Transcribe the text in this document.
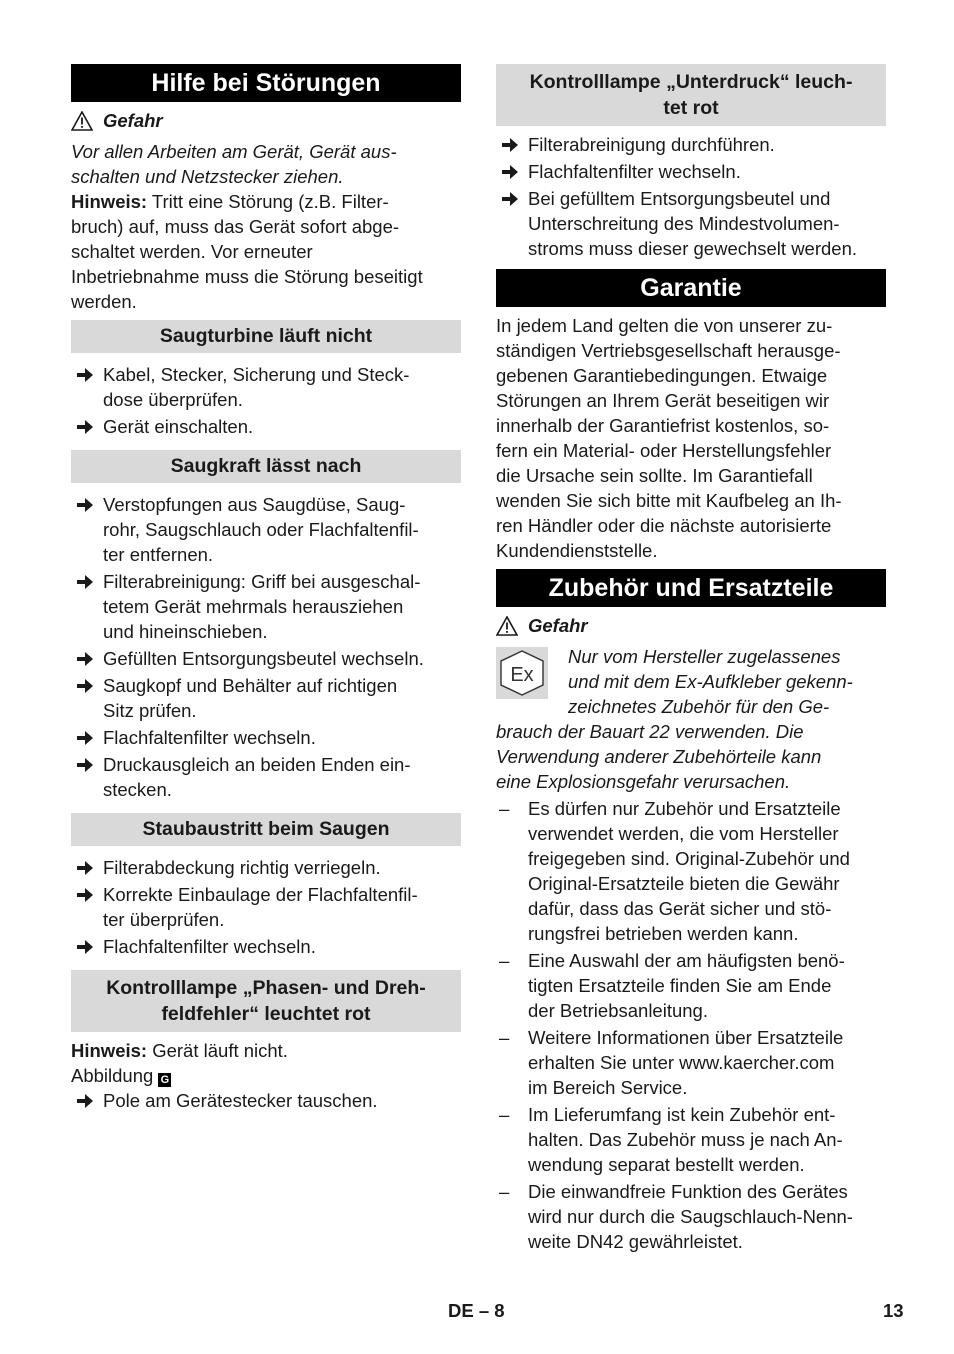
Hilfe bei Störungen
Gefahr

Vor allen Arbeiten am Gerät, Gerät aus-

schalten und Netzstecker ziehen.

Hinweis: Tritt eine Störung (z.B. Filter-

bruch) auf, muss das Gerät sofort abge-

schaltet werden. Vor erneuter

Inbetriebnahme muss die Störung beseitigt

werden.

Saugturbine läuft nicht
Kabel, Stecker, Sicherung und Steck-
dose überprüfen.
Gerät einschalten.
Saugkraft lässt nach
Verstopfungen aus Saugdüse, Saug-
rohr, Saugschlauch oder Flachfaltenfil-
ter entfernen.
Filterabreinigung: Griff bei ausgeschal-
tetem Gerät mehrmals herausziehen
und hineinschieben.
Gefüllten Entsorgungsbeutel wechseln.
Saugkopf und Behälter auf richtigen
Sitz prüfen.
Flachfaltenfilter wechseln.
Druckausgleich an beiden Enden ein-
stecken.
Staubaustritt beim Saugen
Filterabdeckung richtig verriegeln.
Korrekte Einbaulage der Flachfaltenfil-
ter überprüfen.
Flachfaltenfilter wechseln.
Kontrolllampe „Phasen- und Dreh-
feldfehler“ leuchtet rot

Hinweis: Gerät läuft nicht.

Abbildung G

Pole am Gerätestecker tauschen.
Kontrolllampe „Unterdruck“ leuch-
tet rot
Filterabreinigung durchführen.
Flachfaltenfilter wechseln.
Bei gefülltem Entsorgungsbeutel und
Unterschreitung des Mindestvolumen-
stroms muss dieser gewechselt werden.
Garantie

In jedem Land gelten die von unserer zu-

ständigen Vertriebsgesellschaft herausge-

gebenen Garantiebedingungen. Etwaige

Störungen an Ihrem Gerät beseitigen wir

innerhalb der Garantiefrist kostenlos, so-

fern ein Material- oder Herstellungsfehler

die Ursache sein sollte. Im Garantiefall

wenden Sie sich bitte mit Kaufbeleg an Ih-

ren Händler oder die nächste autorisierte

Kundendienststelle.

Zubehör und Ersatzteile
Gefahr
Ex
Nur vom Hersteller zugelassenes
und mit dem Ex-Aufkleber gekenn-
zeichnetes Zubehör für den Ge-
brauch der Bauart 22 verwenden. Die
Verwendung anderer Zubehörteile kann
eine Explosionsgefahr verursachen.
– Es dürfen nur Zubehör und Ersatzteile
verwendet werden, die vom Hersteller
freigegeben sind. Original-Zubehör und
Original-Ersatzteile bieten die Gewähr
dafür, dass das Gerät sicher und stö-
rungsfrei betrieben werden kann.
– Eine Auswahl der am häufigsten benö-
tigten Ersatzteile finden Sie am Ende
der Betriebsanleitung.
– Weitere Informationen über Ersatzteile
erhalten Sie unter www.kaercher.com
im Bereich Service.
– Im Lieferumfang ist kein Zubehör ent-
halten. Das Zubehör muss je nach An-
wendung separat bestellt werden.
– Die einwandfreie Funktion des Gerätes
wird nur durch die Saugschlauch-Nenn-
weite DN42 gewährleistet.
DE – 8	13
